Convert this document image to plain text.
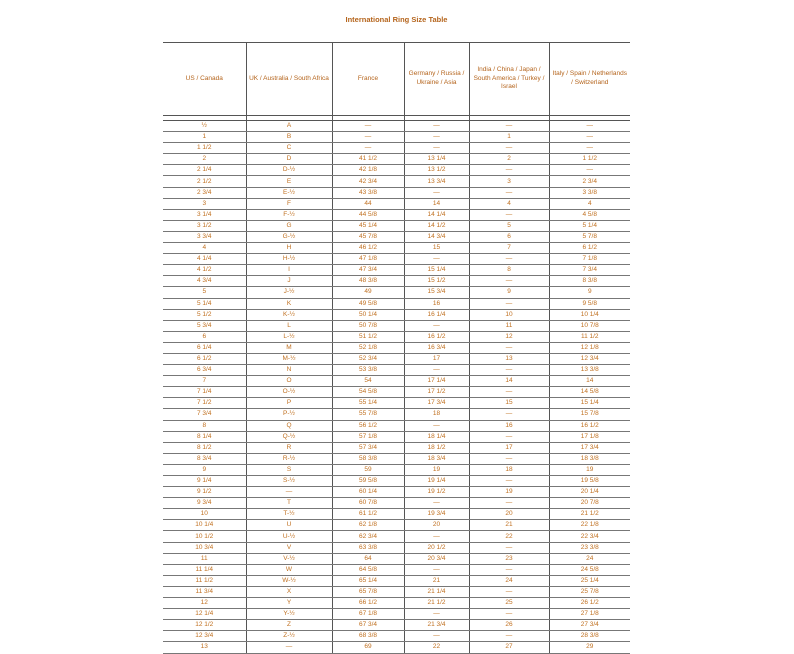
International Ring Size Table
US / Canada	UK / Australia / South Africa	France	Germany / Russia / Ukraine / Asia	India / China / Japan / South America / Turkey / Israel	Italy / Spain / Netherlands / Switzerland

½	A	—	—	—	—
1	B	—	—	1	—
1 1/2	C	—	—	—	—
2	D	41 1/2	13 1/4	2	1 1/2
2 1/4	D-½	42 1/8	13 1/2	—	—
2 1/2	E	42 3/4	13 3/4	3	2 3/4
2 3/4	E-½	43 3/8	—	—	3 3/8
3	F	44	14	4	4
3 1/4	F-½	44 5/8	14 1/4	—	4 5/8
3 1/2	G	45 1/4	14 1/2	5	5 1/4
3 3/4	G-½	45 7/8	14 3/4	6	5 7/8
4	H	46 1/2	15	7	6 1/2
4 1/4	H-½	47 1/8	—	—	7 1/8
4 1/2	I	47 3/4	15 1/4	8	7 3/4
4 3/4	J	48 3/8	15 1/2	—	8 3/8
5	J-½	49	15 3/4	9	9
5 1/4	K	49 5/8	16	—	9 5/8
5 1/2	K-½	50 1/4	16 1/4	10	10 1/4
5 3/4	L	50 7/8	—	11	10 7/8
6	L-½	51 1/2	16 1/2	12	11 1/2
6 1/4	M	52 1/8	16 3/4	—	12 1/8
6 1/2	M-½	52 3/4	17	13	12 3/4
6 3/4	N	53 3/8	—	—	13 3/8
7	O	54	17 1/4	14	14
7 1/4	O-½	54 5/8	17 1/2	—	14 5/8
7 1/2	P	55 1/4	17 3/4	15	15 1/4
7 3/4	P-½	55 7/8	18	—	15 7/8
8	Q	56 1/2	—	16	16 1/2
8 1/4	Q-½	57 1/8	18 1/4	—	17 1/8
8 1/2	R	57 3/4	18 1/2	17	17 3/4
8 3/4	R-½	58 3/8	18 3/4	—	18 3/8
9	S	59	19	18	19
9 1/4	S-½	59 5/8	19 1/4	—	19 5/8
9 1/2	—	60 1/4	19 1/2	19	20 1/4
9 3/4	T	60 7/8	—	—	20 7/8
10	T-½	61 1/2	19 3/4	20	21 1/2
10 1/4	U	62 1/8	20	21	22 1/8
10 1/2	U-½	62 3/4	—	22	22 3/4
10 3/4	V	63 3/8	20 1/2	—	23 3/8
11	V-½	64	20 3/4	23	24
11 1/4	W	64 5/8	—	—	24 5/8
11 1/2	W-½	65 1/4	21	24	25 1/4
11 3/4	X	65 7/8	21 1/4	—	25 7/8
12	Y	66 1/2	21 1/2	25	26 1/2
12 1/4	Y-½	67 1/8	—	—	27 1/8
12 1/2	Z	67 3/4	21 3/4	26	27 3/4
12 3/4	Z-½	68 3/8	—	—	28 3/8
13	—	69	22	27	29
